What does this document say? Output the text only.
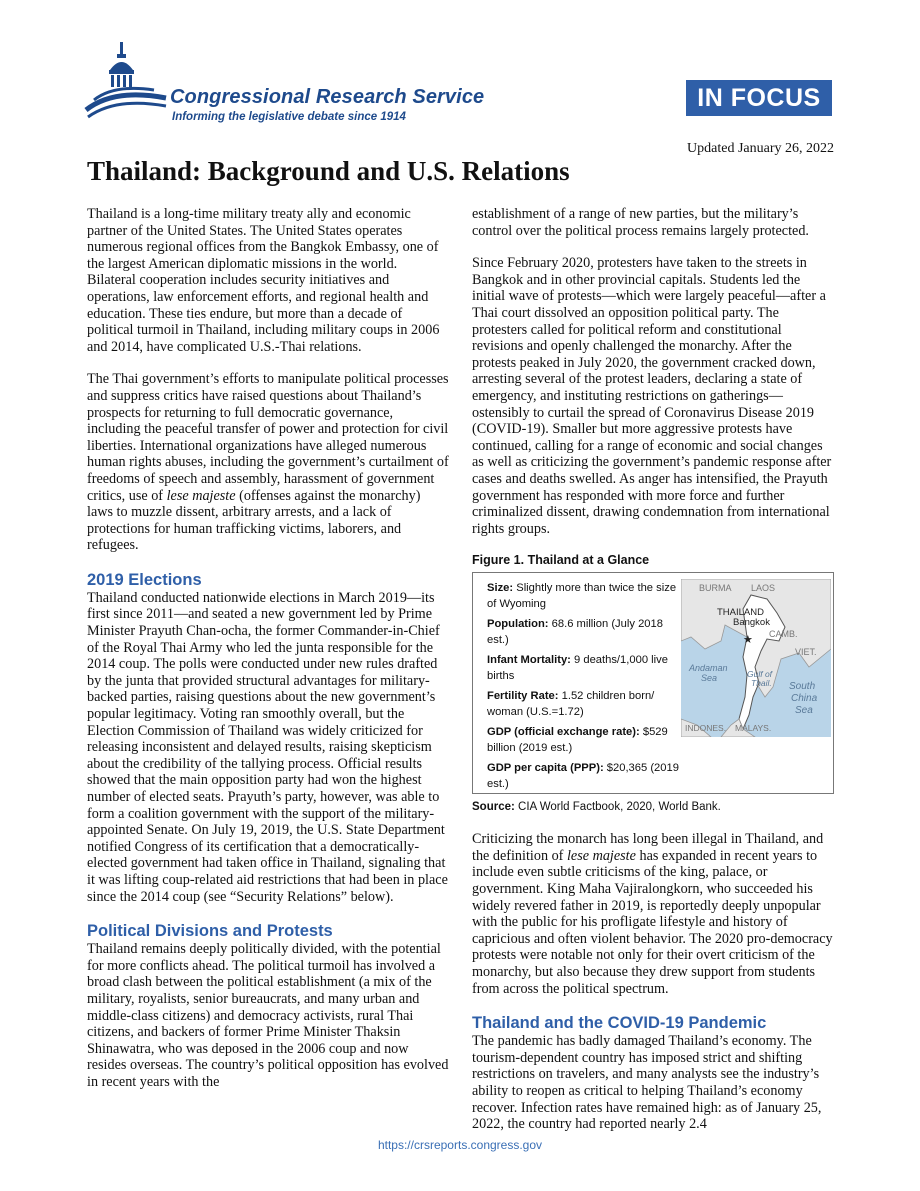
Congressional Research Service
Informing the legislative debate since 1914
IN FOCUS
Updated January 26, 2022
Thailand: Background and U.S. Relations

Thailand is a long-time military treaty ally and economic partner of the United States. The United States operates numerous regional offices from the Bangkok Embassy, one of the largest American diplomatic missions in the world. Bilateral cooperation includes security initiatives and operations, law enforcement efforts, and regional health and education. These ties endure, but more than a decade of political turmoil in Thailand, including military coups in 2006 and 2014, have complicated U.S.-Thai relations.

The Thai government’s efforts to manipulate political processes and suppress critics have raised questions about Thailand’s prospects for returning to full democratic governance, including the peaceful transfer of power and protection for civil liberties. International organizations have alleged numerous human rights abuses, including the government’s curtailment of freedoms of speech and assembly, harassment of government critics, use of lese majeste (offenses against the monarchy) laws to muzzle dissent, arbitrary arrests, and a lack of protections for human trafficking victims, laborers, and refugees.

2019 Elections

Thailand conducted nationwide elections in March 2019—its first since 2011—and seated a new government led by Prime Minister Prayuth Chan-ocha, the former Commander-in-Chief of the Royal Thai Army who led the junta responsible for the 2014 coup. The polls were conducted under new rules drafted by the junta that provided structural advantages for military-backed parties, raising questions about the new government’s popular legitimacy. Voting ran smoothly overall, but the Election Commission of Thailand was widely criticized for releasing inconsistent and delayed results, raising skepticism about the credibility of the tallying process. Official results showed that the main opposition party had won the highest number of elected seats. Prayuth’s party, however, was able to form a coalition government with the support of the military-appointed Senate. On July 19, 2019, the U.S. State Department notified Congress of its certification that a democratically-elected government had taken office in Thailand, signaling that it was lifting coup-related aid restrictions that had been in place since the 2014 coup (see “Security Relations” below).

Political Divisions and Protests

Thailand remains deeply politically divided, with the potential for more conflicts ahead. The political turmoil has involved a broad clash between the political establishment (a mix of the military, royalists, senior bureaucrats, and many urban and middle-class citizens) and democracy activists, rural Thai citizens, and backers of former Prime Minister Thaksin Shinawatra, who was deposed in the 2006 coup and now resides overseas. The country’s political opposition has evolved in recent years with the

establishment of a range of new parties, but the military’s control over the political process remains largely protected.

Since February 2020, protesters have taken to the streets in Bangkok and in other provincial capitals. Students led the initial wave of protests—which were largely peaceful—after a Thai court dissolved an opposition political party. The protesters called for political reform and constitutional revisions and openly challenged the monarchy. After the protests peaked in July 2020, the government cracked down, arresting several of the protest leaders, declaring a state of emergency, and instituting restrictions on gatherings—ostensibly to curtail the spread of Coronavirus Disease 2019 (COVID-19). Smaller but more aggressive protests have continued, calling for a range of economic and social changes as well as criticizing the government’s pandemic response after cases and deaths swelled. As anger has intensified, the Prayuth government has responded with more force and further criminalized dissent, drawing condemnation from international rights groups.

Figure 1. Thailand at a Glance
Size: Slightly more than twice the size of Wyoming
Population: 68.6 million (July 2018 est.)
Infant Mortality: 9 deaths/1,000 live births
Fertility Rate: 1.52 children born/ woman (U.S.=1.72)
GDP (official exchange rate): $529 billion (2019 est.)
GDP per capita (PPP): $20,365 (2019 est.)
BURMA LAOS
THAILAND
Bangkok
★ CAMB.
VIET.
Andaman
Sea	Gulf of
Thail. South
China
Sea
INDONES. MALAYS.

Source: CIA World Factbook, 2020, World Bank.

Criticizing the monarch has long been illegal in Thailand, and the definition of lese majeste has expanded in recent years to include even subtle criticisms of the king, palace, or government. King Maha Vajiralongkorn, who succeeded his widely revered father in 2019, is reportedly deeply unpopular with the public for his profligate lifestyle and history of capricious and often violent behavior. The 2020 pro-democracy protests were notable not only for their overt criticism of the monarchy, but also because they drew support from students from across the political spectrum.

Thailand and the COVID-19 Pandemic

The pandemic has badly damaged Thailand’s economy. The tourism-dependent country has imposed strict and shifting restrictions on travelers, and many analysts see the industry’s ability to reopen as critical to helping Thailand’s economy recover. Infection rates have remained high: as of January 25, 2022, the country had reported nearly 2.4

https://crsreports.congress.gov
